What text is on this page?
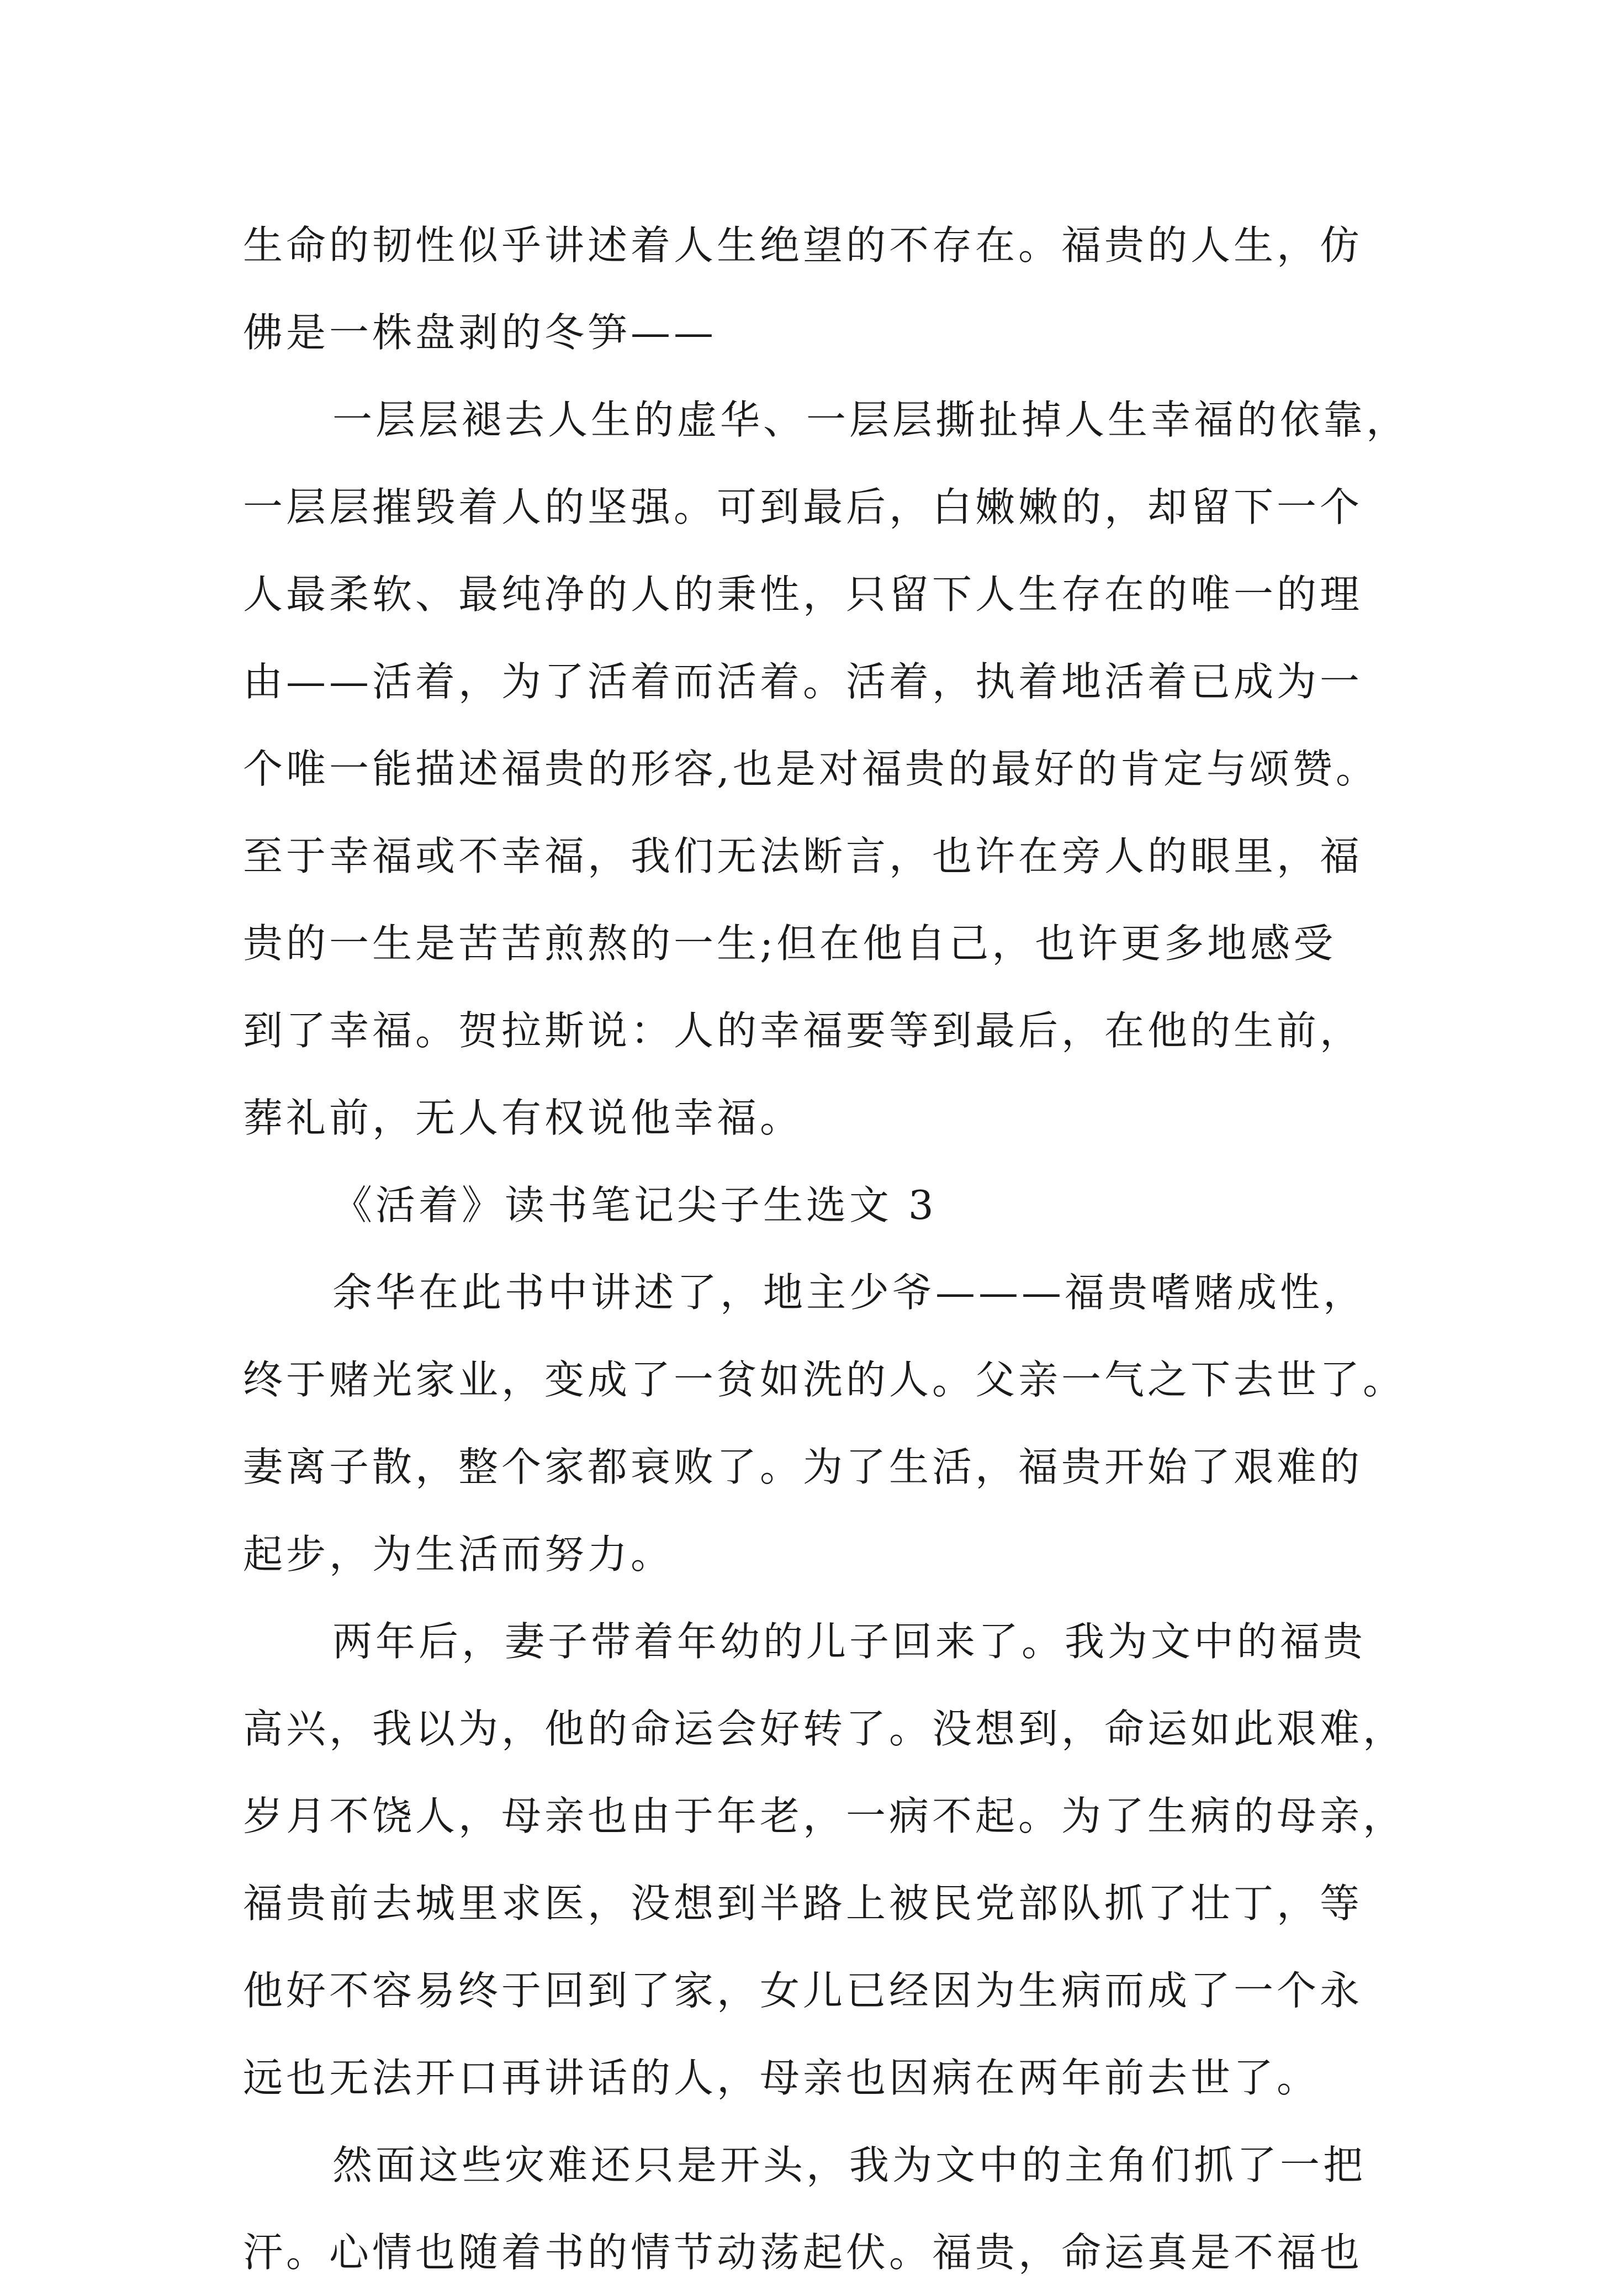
生命的韧性似乎讲述着人生绝望的不存在。福贵的人生，仿
佛是一株盘剥的冬笋——
一层层褪去人生的虚华、一层层撕扯掉人生幸福的依靠，
一层层摧毁着人的坚强。可到最后，白嫩嫩的，却留下一个
人最柔软、最纯净的人的秉性，只留下人生存在的唯一的理
由——活着，为了活着而活着。活着，执着地活着已成为一
个唯一能描述福贵的形容,也是对福贵的最好的肯定与颂赞。
至于幸福或不幸福，我们无法断言，也许在旁人的眼里，福
贵的一生是苦苦煎熬的一生;但在他自己，也许更多地感受
到了幸福。贺拉斯说：人的幸福要等到最后，在他的生前，
葬礼前，无人有权说他幸福。
《活着》读书笔记尖子生选文 3
余华在此书中讲述了，地主少爷———福贵嗜赌成性，
终于赌光家业，变成了一贫如洗的人。父亲一气之下去世了。
妻离子散，整个家都衰败了。为了生活，福贵开始了艰难的
起步，为生活而努力。
两年后，妻子带着年幼的儿子回来了。我为文中的福贵
高兴，我以为，他的命运会好转了。没想到，命运如此艰难，
岁月不饶人，母亲也由于年老，一病不起。为了生病的母亲，
福贵前去城里求医，没想到半路上被民党部队抓了壮丁，等
他好不容易终于回到了家，女儿已经因为生病而成了一个永
远也无法开口再讲话的人，母亲也因病在两年前去世了。
然面这些灾难还只是开头，我为文中的主角们抓了一把
汗。心情也随着书的情节动荡起伏。福贵，命运真是不福也
